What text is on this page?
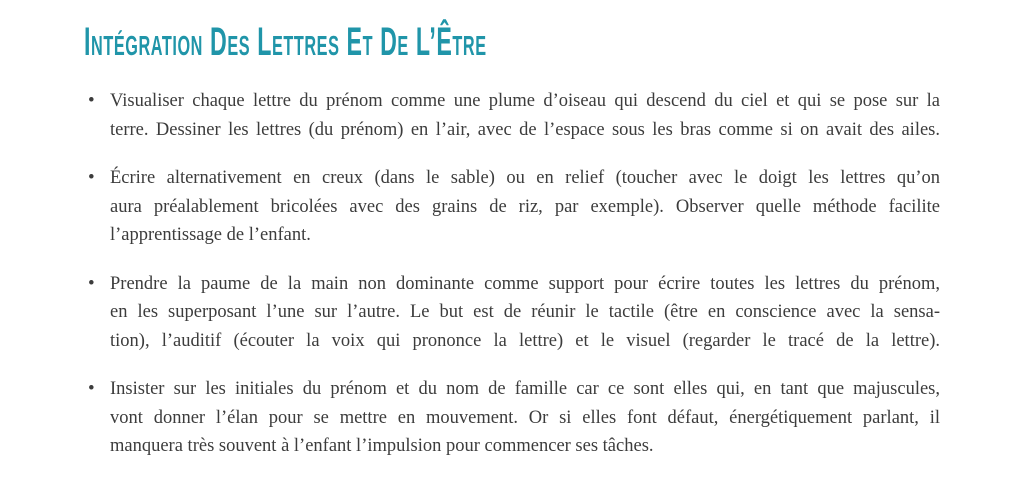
Intégration Des Lettres Et De L’Être
• Visualiser chaque lettre du prénom comme une plume d’oiseau qui descend du ciel et qui se pose sur la
terre. Dessiner les lettres (du prénom) en l’air, avec de l’espace sous les bras comme si on avait des ailes.
• Écrire alternativement en creux (dans le sable) ou en relief (toucher avec le doigt les lettres qu’on
aura préalablement bricolées avec des grains de riz, par exemple). Observer quelle méthode facilite
l’apprentissage de l’enfant.
• Prendre la paume de la main non dominante comme support pour écrire toutes les lettres du prénom,
en les superposant l’une sur l’autre. Le but est de réunir le tactile (être en conscience avec la sensa-
tion), l’auditif (écouter la voix qui prononce la lettre) et le visuel (regarder le tracé de la lettre).
• Insister sur les initiales du prénom et du nom de famille car ce sont elles qui, en tant que majuscules,
vont donner l’élan pour se mettre en mouvement. Or si elles font défaut, énergétiquement parlant, il
manquera très souvent à l’enfant l’impulsion pour commencer ses tâches.
